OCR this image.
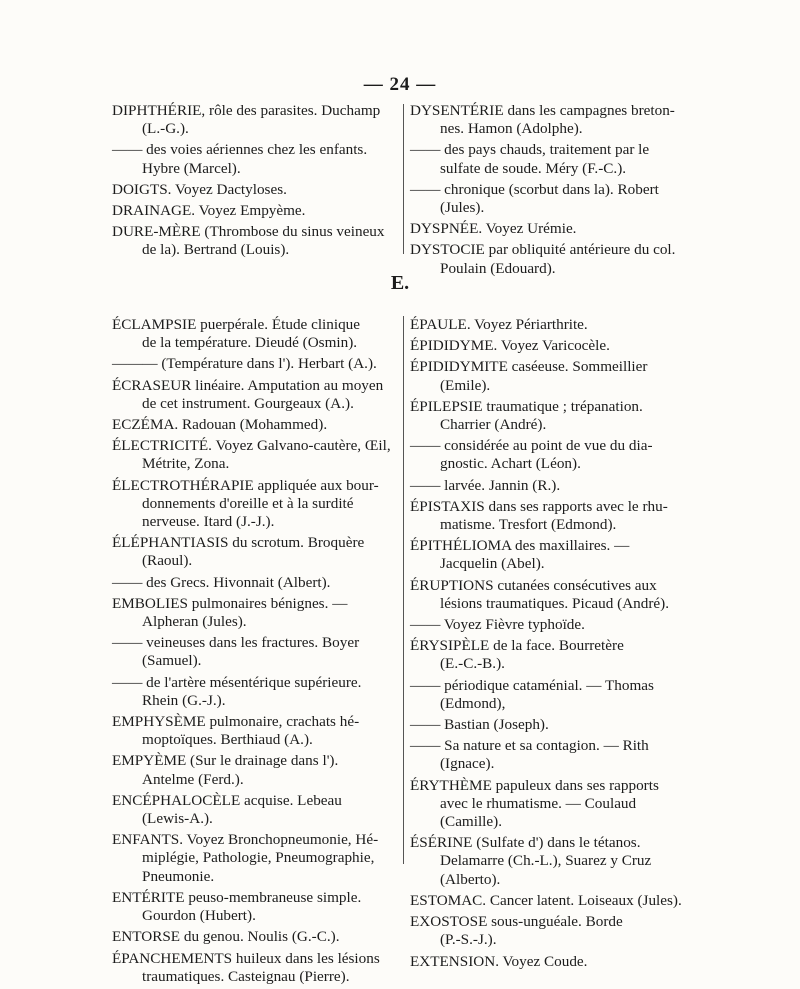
— 24 —
DIPHTHÉRIE, rôle des parasites. Duchamp
(L.-G.).
—— des voies aériennes chez les enfants.
Hybre (Marcel).
DOIGTS. Voyez Dactyloses.
DRAINAGE. Voyez Empyème.
DURE-MÈRE (Thrombose du sinus veineux
de la). Bertrand (Louis).
DYSENTÉRIE dans les campagnes breton-
nes. Hamon (Adolphe).
—— des pays chauds, traitement par le
sulfate de soude. Méry (F.-C.).
—— chronique (scorbut dans la). Robert
(Jules).
DYSPNÉE. Voyez Urémie.
DYSTOCIE par obliquité antérieure du col.
Poulain (Edouard).
E.
ÉCLAMPSIE puerpérale. Étude clinique
de la température. Dieudé (Osmin).
——— (Température dans l'). Herbart (A.).
ÉCRASEUR linéaire. Amputation au moyen
de cet instrument. Gourgeaux (A.).
ECZÉMA. Radouan (Mohammed).
ÉLECTRICITÉ. Voyez Galvano-cautère, Œil,
Métrite, Zona.
ÉLECTROTHÉRAPIE appliquée aux bour-
donnements d'oreille et à la surdité
nerveuse. Itard (J.-J.).
ÉLÉPHANTIASIS du scrotum. Broquère
(Raoul).
—— des Grecs. Hivonnait (Albert).
EMBOLIES pulmonaires bénignes. —
Alpheran (Jules).
—— veineuses dans les fractures. Boyer
(Samuel).
—— de l'artère mésentérique supérieure.
Rhein (G.-J.).
EMPHYSÈME pulmonaire, crachats hé-
moptoïques. Berthiaud (A.).
EMPYÈME (Sur le drainage dans l').
Antelme (Ferd.).
ENCÉPHALOCÈLE acquise. Lebeau
(Lewis-A.).
ENFANTS. Voyez Bronchopneumonie, Hé-
miplégie, Pathologie, Pneumographie,
Pneumonie.
ENTÉRITE peuso-membraneuse simple.
Gourdon (Hubert).
ENTORSE du genou. Noulis (G.-C.).
ÉPANCHEMENTS huileux dans les lésions
traumatiques. Casteignau (Pierre).
ÉPAULE. Voyez Périarthrite.
ÉPIDIDYME. Voyez Varicocèle.
ÉPIDIDYMITE caséeuse. Sommeillier
(Emile).
ÉPILEPSIE traumatique ; trépanation.
Charrier (André).
—— considérée au point de vue du dia-
gnostic. Achart (Léon).
—— larvée. Jannin (R.).
ÉPISTAXIS dans ses rapports avec le rhu-
matisme. Tresfort (Edmond).
ÉPITHÉLIOMA des maxillaires. —
Jacquelin (Abel).
ÉRUPTIONS cutanées consécutives aux
lésions traumatiques. Picaud (André).
—— Voyez Fièvre typhoïde.
ÉRYSIPÈLE de la face. Bourretère
(E.-C.-B.).
—— périodique cataménial. — Thomas
(Edmond),
—— Bastian (Joseph).
—— Sa nature et sa contagion. — Rith
(Ignace).
ÉRYTHÈME papuleux dans ses rapports
avec le rhumatisme. — Coulaud
(Camille).
ÉSÉRINE (Sulfate d') dans le tétanos.
Delamarre (Ch.-L.), Suarez y Cruz
(Alberto).
ESTOMAC. Cancer latent. Loiseaux (Jules).
EXOSTOSE sous-unguéale. Borde
(P.-S.-J.).
EXTENSION. Voyez Coude.
